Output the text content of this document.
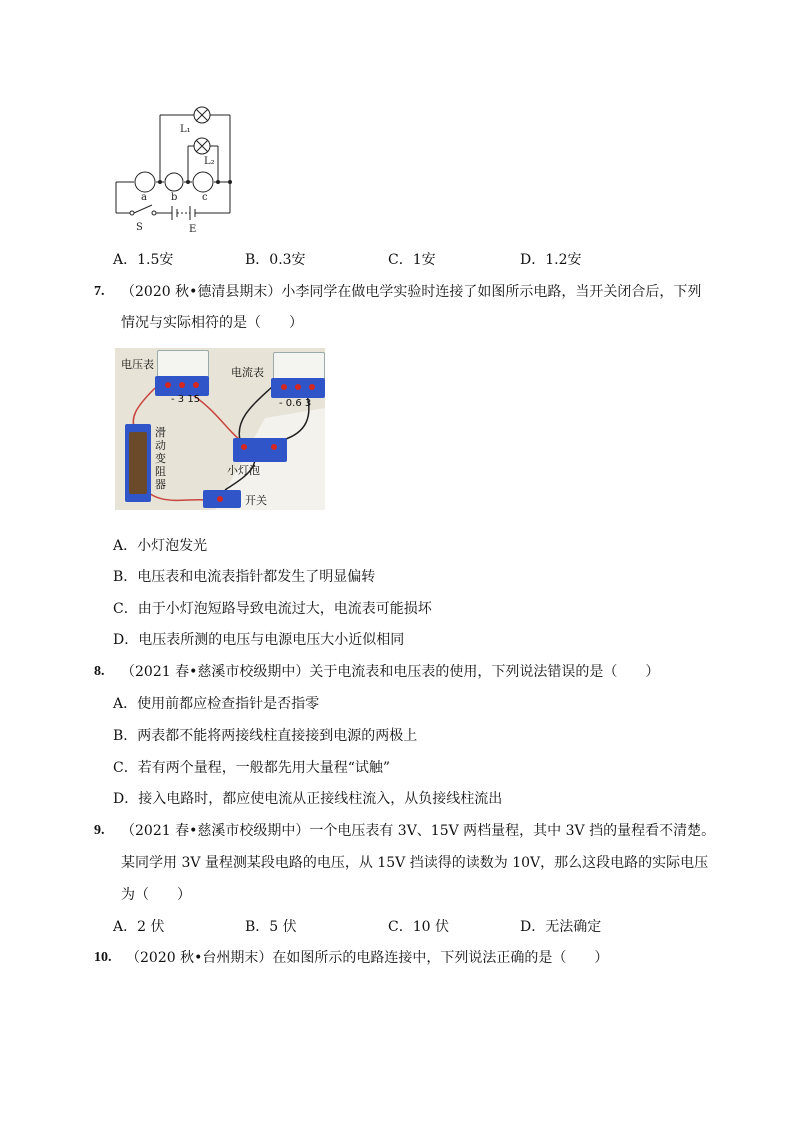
L₁
L₂
a b c
S	E
A．1.5安	B．0.3安	C．1安	D．1.2安
7. （2020 秋•德清县期末）小李同学在做电学实验时连接了如图所示电路，当开关闭合后，下列
情况与实际相符的是（　　）
电压表
电流表
- 3 15	- 0.6 3
滑
动
变
阻
器
小灯泡
开关
A．小灯泡发光
B．电压表和电流表指针都发生了明显偏转
C．由于小灯泡短路导致电流过大，电流表可能损坏
D．电压表所测的电压与电源电压大小近似相同
8. （2021 春•慈溪市校级期中）关于电流表和电压表的使用，下列说法错误的是（　　）
A．使用前都应检查指针是否指零
B．两表都不能将两接线柱直接接到电源的两极上
C．若有两个量程，一般都先用大量程“试触”
D．接入电路时，都应使电流从正接线柱流入，从负接线柱流出
9. （2021 春•慈溪市校级期中）一个电压表有 3V、15V 两档量程，其中 3V 挡的量程看不清楚。
某同学用 3V 量程测某段电路的电压，从 15V 挡读得的读数为 10V，那么这段电路的实际电压
为（　　）
A．2 伏	B．5 伏	C．10 伏	D．无法确定
10. （2020 秋•台州期末）在如图所示的电路连接中，下列说法正确的是（　　）
